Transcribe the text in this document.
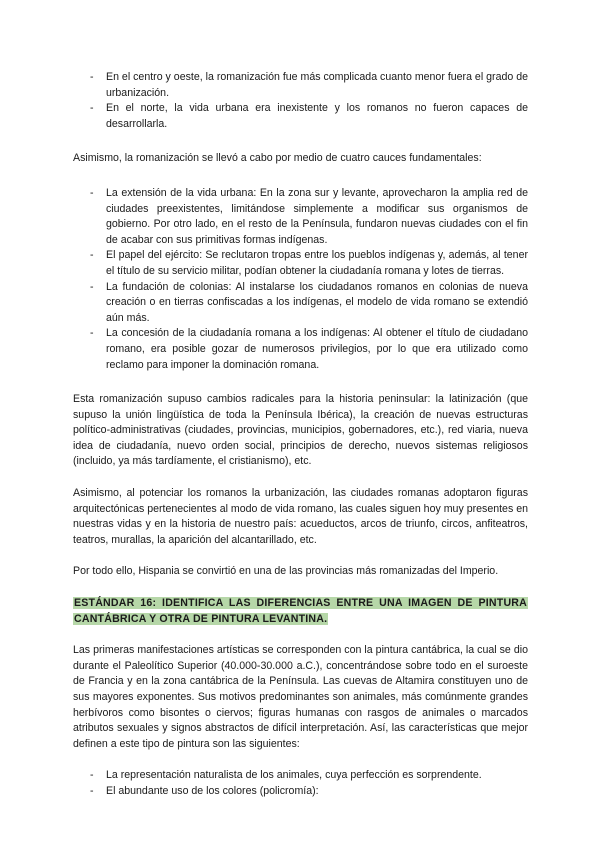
- En el centro y oeste, la romanización fue más complicada cuanto menor fuera el grado de urbanización.
- En el norte, la vida urbana era inexistente y los romanos no fueron capaces de desarrollarla.

Asimismo, la romanización se llevó a cabo por medio de cuatro cauces fundamentales:

- La extensión de la vida urbana: En la zona sur y levante, aprovecharon la amplia red de ciudades preexistentes, limitándose simplemente a modificar sus organismos de gobierno. Por otro lado, en el resto de la Península, fundaron nuevas ciudades con el fin de acabar con sus primitivas formas indígenas.
- El papel del ejército: Se reclutaron tropas entre los pueblos indígenas y, además, al tener el título de su servicio militar, podían obtener la ciudadanía romana y lotes de tierras.
- La fundación de colonias: Al instalarse los ciudadanos romanos en colonias de nueva creación o en tierras confiscadas a los indígenas, el modelo de vida romano se extendió aún más.
- La concesión de la ciudadanía romana a los indígenas: Al obtener el título de ciudadano romano, era posible gozar de numerosos privilegios, por lo que era utilizado como reclamo para imponer la dominación romana.

Esta romanización supuso cambios radicales para la historia peninsular: la latinización (que supuso la unión lingüística de toda la Península Ibérica), la creación de nuevas estructuras político-administrativas (ciudades, provincias, municipios, gobernadores, etc.), red viaria, nueva idea de ciudadanía, nuevo orden social, principios de derecho, nuevos sistemas religiosos (incluido, ya más tardíamente, el cristianismo), etc.

Asimismo, al potenciar los romanos la urbanización, las ciudades romanas adoptaron figuras arquitectónicas pertenecientes al modo de vida romano, las cuales siguen hoy muy presentes en nuestras vidas y en la historia de nuestro país: acueductos, arcos de triunfo, circos, anfiteatros, teatros, murallas, la aparición del alcantarillado, etc.

Por todo ello, Hispania se convirtió en una de las provincias más romanizadas del Imperio.

ESTÁNDAR 16: IDENTIFICA LAS DIFERENCIAS ENTRE UNA IMAGEN DE PINTURA CANTÁBRICA Y OTRA DE PINTURA LEVANTINA.

Las primeras manifestaciones artísticas se corresponden con la pintura cantábrica, la cual se dio durante el Paleolítico Superior (40.000-30.000 a.C.), concentrándose sobre todo en el suroeste de Francia y en la zona cantábrica de la Península. Las cuevas de Altamira constituyen uno de sus mayores exponentes. Sus motivos predominantes son animales, más comúnmente grandes herbívoros como bisontes o ciervos; figuras humanas con rasgos de animales o marcados atributos sexuales y signos abstractos de difícil interpretación. Así, las características que mejor definen a este tipo de pintura son las siguientes:

- La representación naturalista de los animales, cuya perfección es sorprendente.
- El abundante uso de los colores (policromía):
